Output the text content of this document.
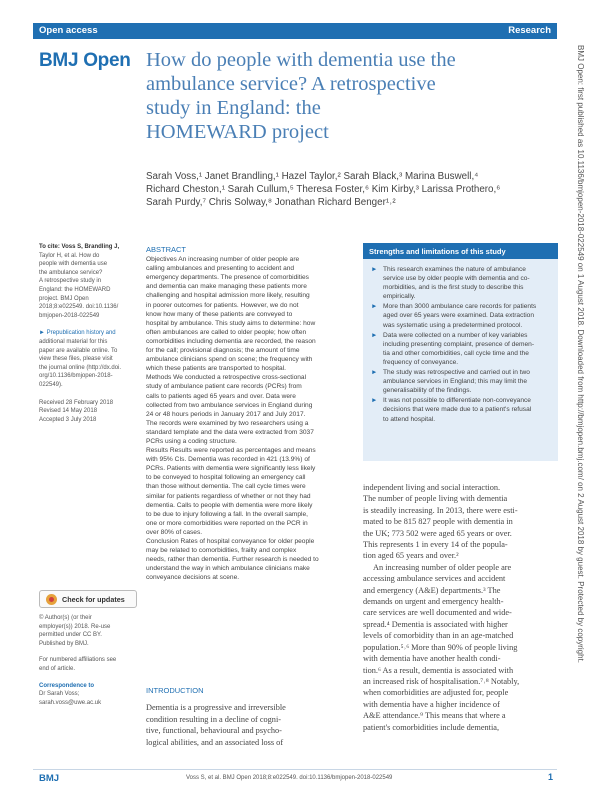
Open access	Research
BMJ Open How do people with dementia use the
ambulance service? A retrospective
study in England: the
HOMEWARD project
Sarah Voss,¹ Janet Brandling,¹ Hazel Taylor,² Sarah Black,³ Marina Buswell,⁴
Richard Cheston,¹ Sarah Cullum,⁵ Theresa Foster,⁶ Kim Kirby,³ Larissa Prothero,⁶
Sarah Purdy,⁷ Chris Solway,⁸ Jonathan Richard Benger¹˒²
To cite: Voss S, Brandling J,
Taylor H, et al. How do
people with dementia use
the ambulance service?
A retrospective study in
England: the HOMEWARD
project. BMJ Open
2018;8:e022549. doi:10.1136/
bmjopen-2018-022549
► Prepublication history and
additional material for this
paper are available online. To
view these files, please visit
the journal online (http://dx.doi.
org/10.1136/bmjopen-2018-
022549).
Received 28 February 2018
Revised 14 May 2018
Accepted 3 July 2018
Check for updates
© Author(s) (or their
employer(s)) 2018. Re-use
permitted under CC BY.
Published by BMJ.
For numbered affiliations see
end of article.
Correspondence to
Dr Sarah Voss;
sarah.voss@uwe.ac.uk
ABSTRACT
Objectives An increasing number of older people are
calling ambulances and presenting to accident and
emergency departments. The presence of comorbidities
and dementia can make managing these patients more
challenging and hospital admission more likely, resulting
in poorer outcomes for patients. However, we do not
know how many of these patients are conveyed to
hospital by ambulance. This study aims to determine: how
often ambulances are called to older people; how often
comorbidities including dementia are recorded, the reason
for the call; provisional diagnosis; the amount of time
ambulance clinicians spend on scene; the frequency with
which these patients are transported to hospital.
Methods We conducted a retrospective cross-sectional
study of ambulance patient care records (PCRs) from
calls to patients aged 65 years and over. Data were
collected from two ambulance services in England during
24 or 48 hours periods in January 2017 and July 2017.
The records were examined by two researchers using a
standard template and the data were extracted from 3037
PCRs using a coding structure.
Results Results were reported as percentages and means
with 95% CIs. Dementia was recorded in 421 (13.9%) of
PCRs. Patients with dementia were significantly less likely
to be conveyed to hospital following an emergency call
than those without dementia. The call cycle times were
similar for patients regardless of whether or not they had
dementia. Calls to people with dementia were more likely
to be due to injury following a fall. In the overall sample,
one or more comorbidities were reported on the PCR in
over 80% of cases.
Conclusion Rates of hospital conveyance for older people
may be related to comorbidities, frailty and complex
needs, rather than dementia. Further research is needed to
understand the way in which ambulance clinicians make
conveyance decisions at scene.
Strengths and limitations of this study
► This research examines the nature of ambulance
service use by older people with dementia and co-
morbidities, and is the first study to describe this
empirically.
► More than 3000 ambulance care records for patients
aged over 65 years were examined. Data extraction
was systematic using a predetermined protocol.
► Data were collected on a number of key variables
including presenting complaint, presence of demen-
tia and other comorbidities, call cycle time and the
frequency of conveyance.
► The study was retrospective and carried out in two
ambulance services in England; this may limit the
generalisability of the findings.
► It was not possible to differentiate non-conveyance
decisions that were made due to a patient's refusal
to attend hospital.
independent living and social interaction.
The number of people living with dementia
is steadily increasing. In 2013, there were esti-
mated to be 815 827 people with dementia in
the UK; 773 502 were aged 65 years or over.
This represents 1 in every 14 of the popula-
tion aged 65 years and over.²
An increasing number of older people are
accessing ambulance services and accident
and emergency (A&E) departments.³ The
demands on urgent and emergency health-
care services are well documented and wide-
spread.⁴ Dementia is associated with higher
levels of comorbidity than in an age-matched
population.⁵˒⁶ More than 90% of people living
with dementia have another health condi-
tion.⁶ As a result, dementia is associated with
an increased risk of hospitalisation.⁷˒⁸ Notably,
when comorbidities are adjusted for, people
with dementia have a higher incidence of
A&E attendance.⁹ This means that where a
patient's comorbidities include dementia,
INTRODUCTION
Dementia is a progressive and irreversible
condition resulting in a decline of cogni-
tive, functional, behavioural and psycho-
logical abilities, and an associated loss of
BMJ	Voss S, et al. BMJ Open 2018;8:e022549. doi:10.1136/bmjopen-2018-022549	1
BMJ Open: first published as 10.1136/bmjopen-2018-022549 on 1 August 2018. Downloaded from http://bmjopen.bmj.com/ on 2 August 2018 by guest. Protected by copyright.
